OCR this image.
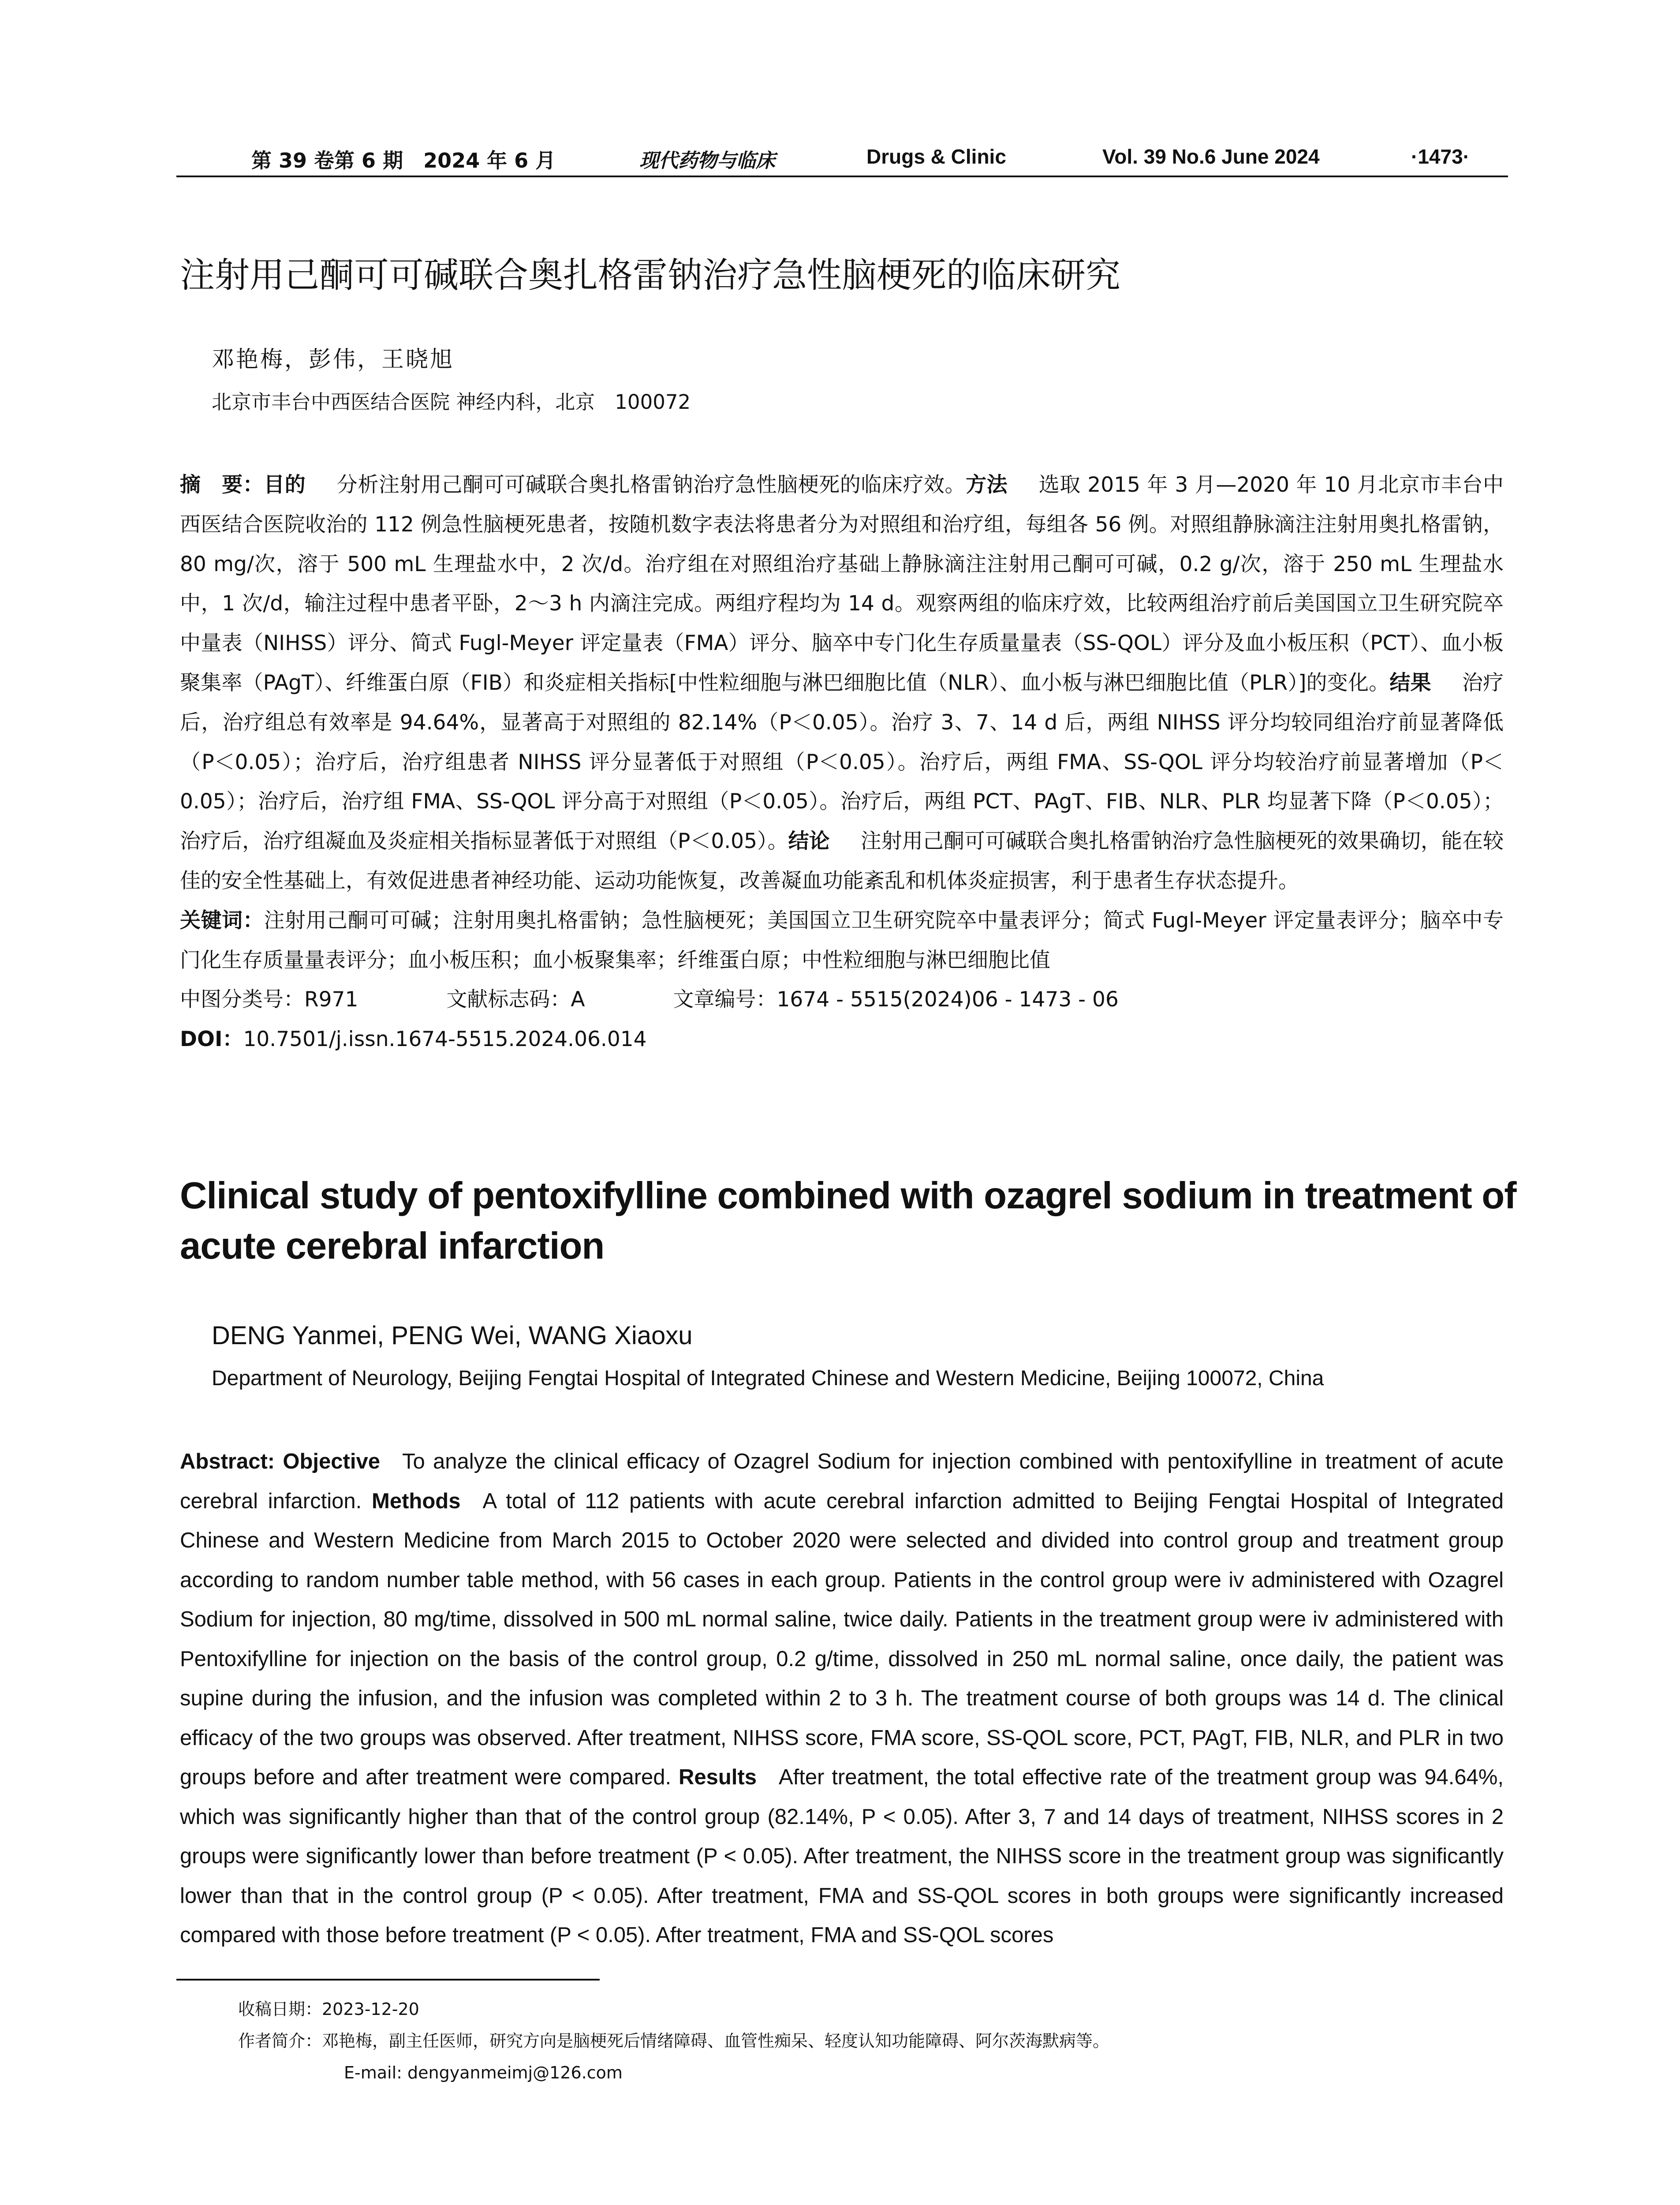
第 39 卷第 6 期　2024 年 6 月	现代药物与临床	Drugs & Clinic	Vol. 39 No.6 June 2024	·1473·
注射用己酮可可碱联合奥扎格雷钠治疗急性脑梗死的临床研究
邓艳梅，彭伟，王晓旭
北京市丰台中西医结合医院 神经内科，北京　100072

摘　要：目的 分析注射用己酮可可碱联合奥扎格雷钠治疗急性脑梗死的临床疗效。方法 选取 2015 年 3 月—2020 年 10 月北京市丰台中西医结合医院收治的 112 例急性脑梗死患者，按随机数字表法将患者分为对照组和治疗组，每组各 56 例。对照组静脉滴注注射用奥扎格雷钠，80 mg/次，溶于 500 mL 生理盐水中，2 次/d。治疗组在对照组治疗基础上静脉滴注注射用己酮可可碱，0.2 g/次，溶于 250 mL 生理盐水中，1 次/d，输注过程中患者平卧，2～3 h 内滴注完成。两组疗程均为 14 d。观察两组的临床疗效，比较两组治疗前后美国国立卫生研究院卒中量表（NIHSS）评分、简式 Fugl-Meyer 评定量表（FMA）评分、脑卒中专门化生存质量量表（SS-QOL）评分及血小板压积（PCT）、血小板聚集率（PAgT）、纤维蛋白原（FIB）和炎症相关指标[中性粒细胞与淋巴细胞比值（NLR）、血小板与淋巴细胞比值（PLR）]的变化。结果 治疗后，治疗组总有效率是 94.64%，显著高于对照组的 82.14%（P＜0.05）。治疗 3、7、14 d 后，两组 NIHSS 评分均较同组治疗前显著降低（P＜0.05）；治疗后，治疗组患者 NIHSS 评分显著低于对照组（P＜0.05）。治疗后，两组 FMA、SS-QOL 评分均较治疗前显著增加（P＜0.05）；治疗后，治疗组 FMA、SS-QOL 评分高于对照组（P＜0.05）。治疗后，两组 PCT、PAgT、FIB、NLR、PLR 均显著下降（P＜0.05）；治疗后，治疗组凝血及炎症相关指标显著低于对照组（P＜0.05）。结论 注射用己酮可可碱联合奥扎格雷钠治疗急性脑梗死的效果确切，能在较佳的安全性基础上，有效促进患者神经功能、运动功能恢复，改善凝血功能紊乱和机体炎症损害，利于患者生存状态提升。

关键词：注射用己酮可可碱；注射用奥扎格雷钠；急性脑梗死；美国国立卫生研究院卒中量表评分；简式 Fugl-Meyer 评定量表评分；脑卒中专门化生存质量量表评分；血小板压积；血小板聚集率；纤维蛋白原；中性粒细胞与淋巴细胞比值

中图分类号：R971	文献标志码：A	文章编号：1674 - 5515(2024)06 - 1473 - 06

DOI：10.7501/j.issn.1674-5515.2024.06.014

Clinical study of pentoxifylline combined with ozagrel sodium in treatment of acute cerebral infarction
DENG Yanmei, PENG Wei, WANG Xiaoxu
Department of Neurology, Beijing Fengtai Hospital of Integrated Chinese and Western Medicine, Beijing 100072, China

Abstract: Objective To analyze the clinical efficacy of Ozagrel Sodium for injection combined with pentoxifylline in treatment of acute cerebral infarction. Methods A total of 112 patients with acute cerebral infarction admitted to Beijing Fengtai Hospital of Integrated Chinese and Western Medicine from March 2015 to October 2020 were selected and divided into control group and treatment group according to random number table method, with 56 cases in each group. Patients in the control group were iv administered with Ozagrel Sodium for injection, 80 mg/time, dissolved in 500 mL normal saline, twice daily. Patients in the treatment group were iv administered with Pentoxifylline for injection on the basis of the control group, 0.2 g/time, dissolved in 250 mL normal saline, once daily, the patient was supine during the infusion, and the infusion was completed within 2 to 3 h. The treatment course of both groups was 14 d. The clinical efficacy of the two groups was observed. After treatment, NIHSS score, FMA score, SS-QOL score, PCT, PAgT, FIB, NLR, and PLR in two groups before and after treatment were compared. Results After treatment, the total effective rate of the treatment group was 94.64%, which was significantly higher than that of the control group (82.14%, P < 0.05). After 3, 7 and 14 days of treatment, NIHSS scores in 2 groups were significantly lower than before treatment (P < 0.05). After treatment, the NIHSS score in the treatment group was significantly lower than that in the control group (P < 0.05). After treatment, FMA and SS-QOL scores in both groups were significantly increased compared with those before treatment (P < 0.05). After treatment, FMA and SS-QOL scores

收稿日期：2023-12-20
作者简介：邓艳梅，副主任医师，研究方向是脑梗死后情绪障碍、血管性痴呆、轻度认知功能障碍、阿尔茨海默病等。
E-mail: dengyanmeimj@126.com
